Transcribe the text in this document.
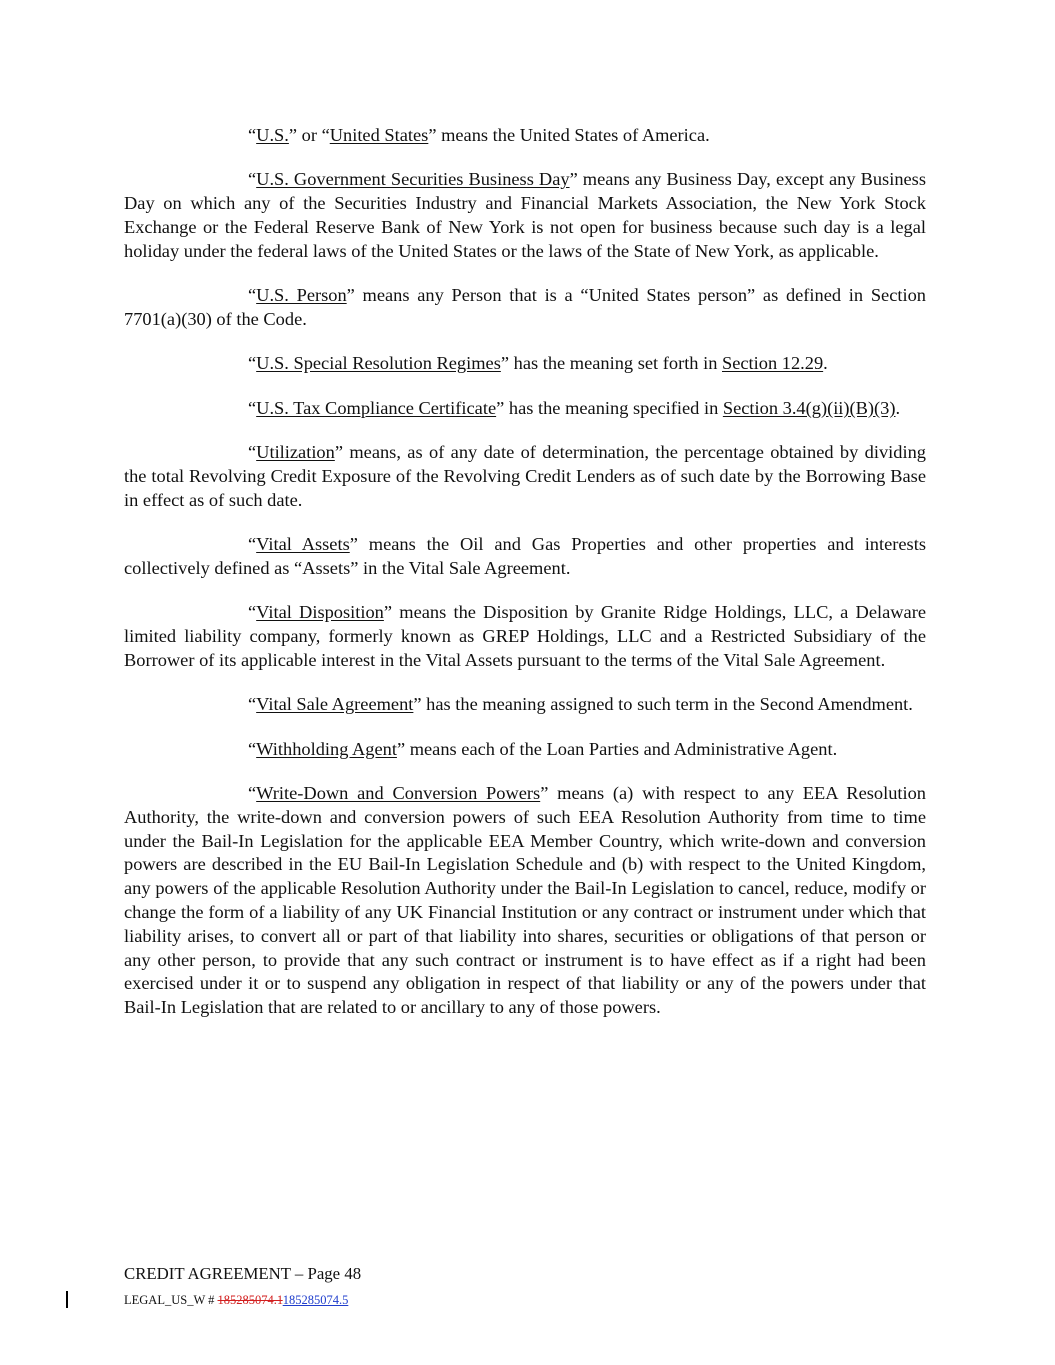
“U.S.” or “United States” means the United States of America.

“U.S. Government Securities Business Day” means any Business Day, except any Business Day on which any of the Securities Industry and Financial Markets Association, the New York Stock Exchange or the Federal Reserve Bank of New York is not open for business because such day is a legal holiday under the federal laws of the United States or the laws of the State of New York, as applicable.

“U.S. Person” means any Person that is a “United States person” as defined in Section 7701(a)(30) of the Code.

“U.S. Special Resolution Regimes” has the meaning set forth in Section 12.29.

“U.S. Tax Compliance Certificate” has the meaning specified in Section 3.4(g)(ii)(B)(3).

“Utilization” means, as of any date of determination, the percentage obtained by dividing the total Revolving Credit Exposure of the Revolving Credit Lenders as of such date by the Borrowing Base in effect as of such date.

“Vital Assets” means the Oil and Gas Properties and other properties and interests collectively defined as “Assets” in the Vital Sale Agreement.

“Vital Disposition” means the Disposition by Granite Ridge Holdings, LLC, a Delaware limited liability company, formerly known as GREP Holdings, LLC and a Restricted Subsidiary of the Borrower of its applicable interest in the Vital Assets pursuant to the terms of the Vital Sale Agreement.

“Vital Sale Agreement” has the meaning assigned to such term in the Second Amendment.

“Withholding Agent” means each of the Loan Parties and Administrative Agent.

“Write-Down and Conversion Powers” means (a) with respect to any EEA Resolution Authority, the write-down and conversion powers of such EEA Resolution Authority from time to time under the Bail-In Legislation for the applicable EEA Member Country, which write-down and conversion powers are described in the EU Bail-In Legislation Schedule and (b) with respect to the United Kingdom, any powers of the applicable Resolution Authority under the Bail-In Legislation to cancel, reduce, modify or change the form of a liability of any UK Financial Institution or any contract or instrument under which that liability arises, to convert all or part of that liability into shares, securities or obligations of that person or any other person, to provide that any such contract or instrument is to have effect as if a right had been exercised under it or to suspend any obligation in respect of that liability or any of the powers under that Bail-In Legislation that are related to or ancillary to any of those powers.

CREDIT AGREEMENT – Page 48

LEGAL_US_W # 185285074.1185285074.5
